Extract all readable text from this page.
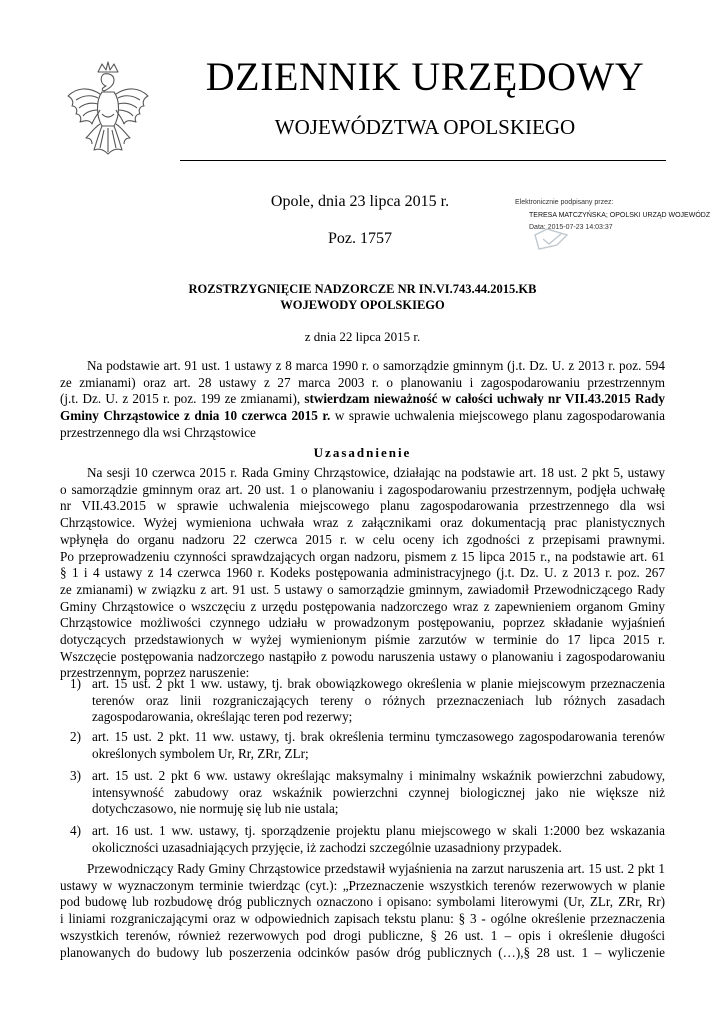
DZIENNIK URZĘDOWY
WOJEWÓDZTWA OPOLSKIEGO
Opole, dnia 23 lipca 2015 r.
Poz. 1757
Elektronicznie podpisany przez:
TERESA MATCZYŃSKA; OPOLSKI URZĄD WOJEWÓDZ
Data: 2015-07-23 14:03:37
ROZSTRZYGNIĘCIE NADZORCZE NR IN.VI.743.44.2015.KB
WOJEWODY OPOLSKIEGO
z dnia 22 lipca 2015 r.
Na podstawie art. 91 ust. 1 ustawy z 8 marca 1990 r. o samorządzie gminnym (j.t. Dz. U. z 2013 r. poz. 594
ze zmianami) oraz art. 28 ustawy z 27 marca 2003 r. o planowaniu i zagospodarowaniu przestrzennym
(j.t. Dz. U. z 2015 r. poz. 199 ze zmianami), stwierdzam nieważność w całości uchwały nr VII.43.2015 Rady
Gminy Chrząstowice z dnia 10 czerwca 2015 r. w sprawie uchwalenia miejscowego planu zagospodarowania
przestrzennego dla wsi Chrząstowice
Uzasadnienie
Na sesji 10 czerwca 2015 r. Rada Gminy Chrząstowice, działając na podstawie art. 18 ust. 2 pkt 5, ustawy
o samorządzie gminnym oraz art. 20 ust. 1 o planowaniu i zagospodarowaniu przestrzennym, podjęła uchwałę
nr VII.43.2015 w sprawie uchwalenia miejscowego planu zagospodarowania przestrzennego dla wsi
Chrząstowice. Wyżej wymieniona uchwała wraz z załącznikami oraz dokumentacją prac planistycznych
wpłynęła do organu nadzoru 22 czerwca 2015 r. w celu oceny ich zgodności z przepisami prawnymi.
Po przeprowadzeniu czynności sprawdzających organ nadzoru, pismem z 15 lipca 2015 r., na podstawie art. 61
§ 1 i 4 ustawy z 14 czerwca 1960 r. Kodeks postępowania administracyjnego (j.t. Dz. U. z 2013 r. poz. 267
ze zmianami) w związku z art. 91 ust. 5 ustawy o samorządzie gminnym, zawiadomił Przewodniczącego Rady
Gminy Chrząstowice o wszczęciu z urzędu postępowania nadzorczego wraz z zapewnieniem organom Gminy
Chrząstowice możliwości czynnego udziału w prowadzonym postępowaniu, poprzez składanie wyjaśnień
dotyczących przedstawionych w wyżej wymienionym piśmie zarzutów w terminie do 17 lipca 2015 r.
Wszczęcie postępowania nadzorczego nastąpiło z powodu naruszenia ustawy o planowaniu i zagospodarowaniu
przestrzennym, poprzez naruszenie:
1) art. 15 ust. 2 pkt 1 ww. ustawy, tj. brak obowiązkowego określenia w planie miejscowym przeznaczenia
terenów oraz linii rozgraniczających tereny o różnych przeznaczeniach lub różnych zasadach
zagospodarowania, określając teren pod rezerwy;
2) art. 15 ust. 2 pkt. 11 ww. ustawy, tj. brak określenia terminu tymczasowego zagospodarowania terenów
określonych symbolem Ur, Rr, ZRr, ZLr;
3) art. 15 ust. 2 pkt 6 ww. ustawy określając maksymalny i minimalny wskaźnik powierzchni zabudowy,
intensywność zabudowy oraz wskaźnik powierzchni czynnej biologicznej jako nie większe niż
dotychczasowo, nie normuję się lub nie ustala;
4) art. 16 ust. 1 ww. ustawy, tj. sporządzenie projektu planu miejscowego w skali 1:2000 bez wskazania
okoliczności uzasadniających przyjęcie, iż zachodzi szczególnie uzasadniony przypadek.
Przewodniczący Rady Gminy Chrząstowice przedstawił wyjaśnienia na zarzut naruszenia art. 15 ust. 2 pkt 1
ustawy w wyznaczonym terminie twierdząc (cyt.): „Przeznaczenie wszystkich terenów rezerwowych w planie
pod budowę lub rozbudowę dróg publicznych oznaczono i opisano: symbolami literowymi (Ur, ZLr, ZRr, Rr)
i liniami rozgraniczającymi oraz w odpowiednich zapisach tekstu planu: § 3 - ogólne określenie przeznaczenia
wszystkich terenów, również rezerwowych pod drogi publiczne, § 26 ust. 1 – opis i określenie długości
planowanych do budowy lub poszerzenia odcinków pasów dróg publicznych (…),§ 28 ust. 1 – wyliczenie
